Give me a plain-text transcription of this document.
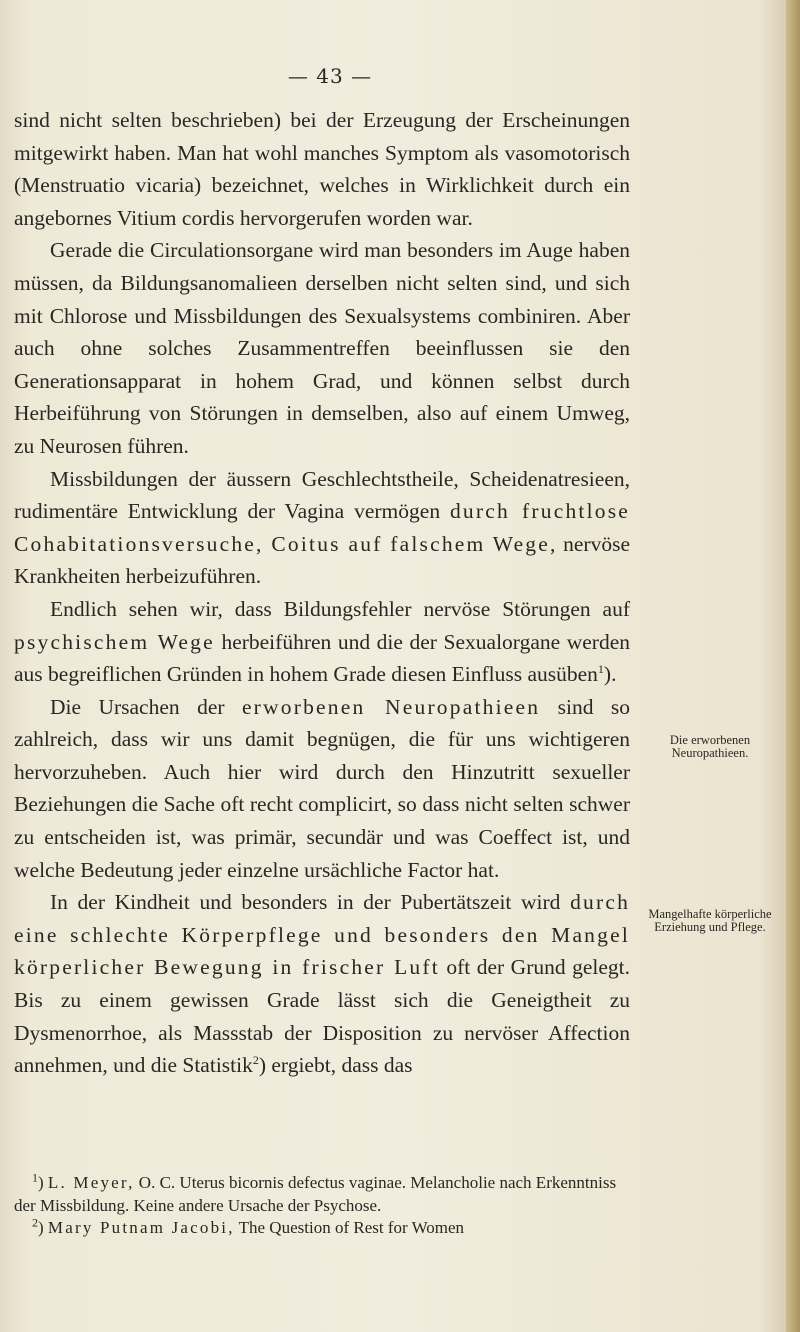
— 43 —

sind nicht selten beschrieben) bei der Erzeugung der Erscheinungen mitgewirkt haben. Man hat wohl manches Symptom als vasomotorisch (Menstruatio vicaria) bezeichnet, welches in Wirklichkeit durch ein angebornes Vitium cordis hervorgerufen worden war.

Gerade die Circulationsorgane wird man besonders im Auge haben müssen, da Bildungsanomalieen derselben nicht selten sind, und sich mit Chlorose und Missbildungen des Sexualsystems combiniren. Aber auch ohne solches Zusammentreffen beeinflussen sie den Generationsapparat in hohem Grad, und können selbst durch Herbeiführung von Störungen in demselben, also auf einem Umweg, zu Neurosen führen.

Missbildungen der äussern Geschlechtstheile, Scheidenatresieen, rudimentäre Entwicklung der Vagina vermögen durch fruchtlose Cohabitationsversuche, Coitus auf falschem Wege, nervöse Krankheiten herbeizuführen.

Endlich sehen wir, dass Bildungsfehler nervöse Störungen auf psychischem Wege herbeiführen und die der Sexualorgane werden aus begreiflichen Gründen in hohem Grade diesen Einfluss ausüben$^1$).

Die Ursachen der erworbenen Neuropathieen sind so zahlreich, dass wir uns damit begnügen, die für uns wichtigeren hervorzuheben. Auch hier wird durch den Hinzutritt sexueller Beziehungen die Sache oft recht complicirt, so dass nicht selten schwer zu entscheiden ist, was primär, secundär und was Coeffect ist, und welche Bedeutung jeder einzelne ursächliche Factor hat.

In der Kindheit und besonders in der Pubertätszeit wird durch eine schlechte Körperpflege und besonders den Mangel körperlicher Bewegung in frischer Luft oft der Grund gelegt. Bis zu einem gewissen Grade lässt sich die Geneigtheit zu Dysmenorrhoe, als Massstab der Disposition zu nervöser Affection annehmen, und die Statistik$^2$) ergiebt, dass das

Die erworbenen Neuropathieen.
Mangelhafte körperliche Erziehung und Pflege.

$^1$) L. Meyer, O. C. Uterus bicornis defectus vaginae. Melancholie nach Erkenntniss der Missbildung. Keine andere Ursache der Psychose.

$^2$) Mary Putnam Jacobi, The Question of Rest for Women
